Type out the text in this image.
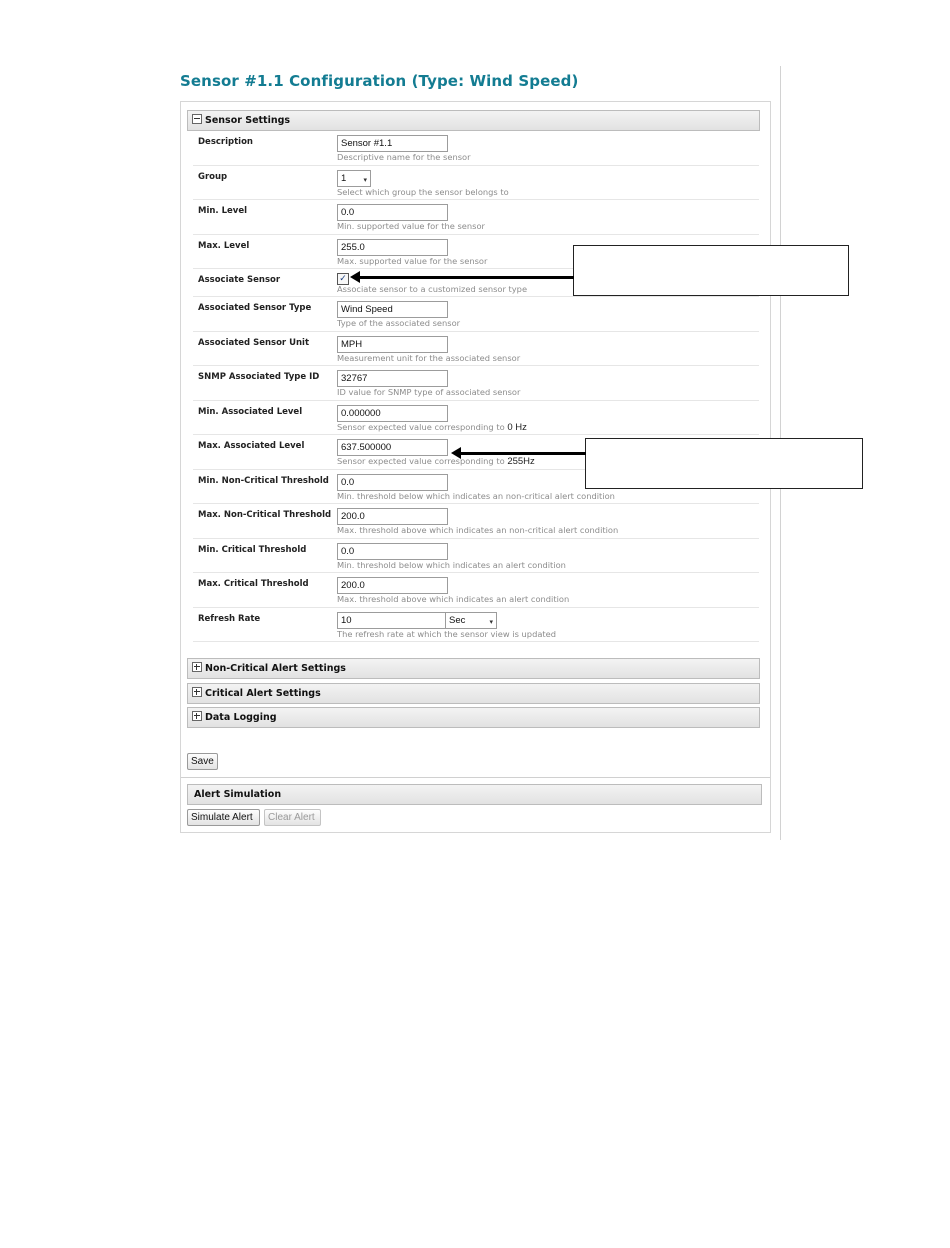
Sensor #1.1 Configuration (Type: Wind Speed)
Sensor Settings
Description	Sensor #1.1
Descriptive name for the sensor
Group	1 ▾
Select which group the sensor belongs to
Min. Level	0.0
Min. supported value for the sensor
Max. Level	255.0
Max. supported value for the sensor
Associate Sensor	✓
Associate sensor to a customized sensor type
Associated Sensor Type	Wind Speed
Type of the associated sensor
Associated Sensor Unit	MPH
Measurement unit for the associated sensor
SNMP Associated Type ID	32767
ID value for SNMP type of associated sensor
Min. Associated Level	0.000000
Sensor expected value corresponding to 0 Hz
Max. Associated Level	637.500000
Sensor expected value corresponding to 255Hz
Min. Non-Critical Threshold	0.0
Min. threshold below which indicates an non-critical alert condition
Max. Non-Critical Threshold	200.0
Max. threshold above which indicates an non-critical alert condition
Min. Critical Threshold	0.0
Min. threshold below which indicates an alert condition
Max. Critical Threshold	200.0
Max. threshold above which indicates an alert condition
Refresh Rate	10	Sec	▾
The refresh rate at which the sensor view is updated
Non-Critical Alert Settings
Critical Alert Settings
Data Logging
Save
Alert Simulation
Simulate Alert	Clear Alert
